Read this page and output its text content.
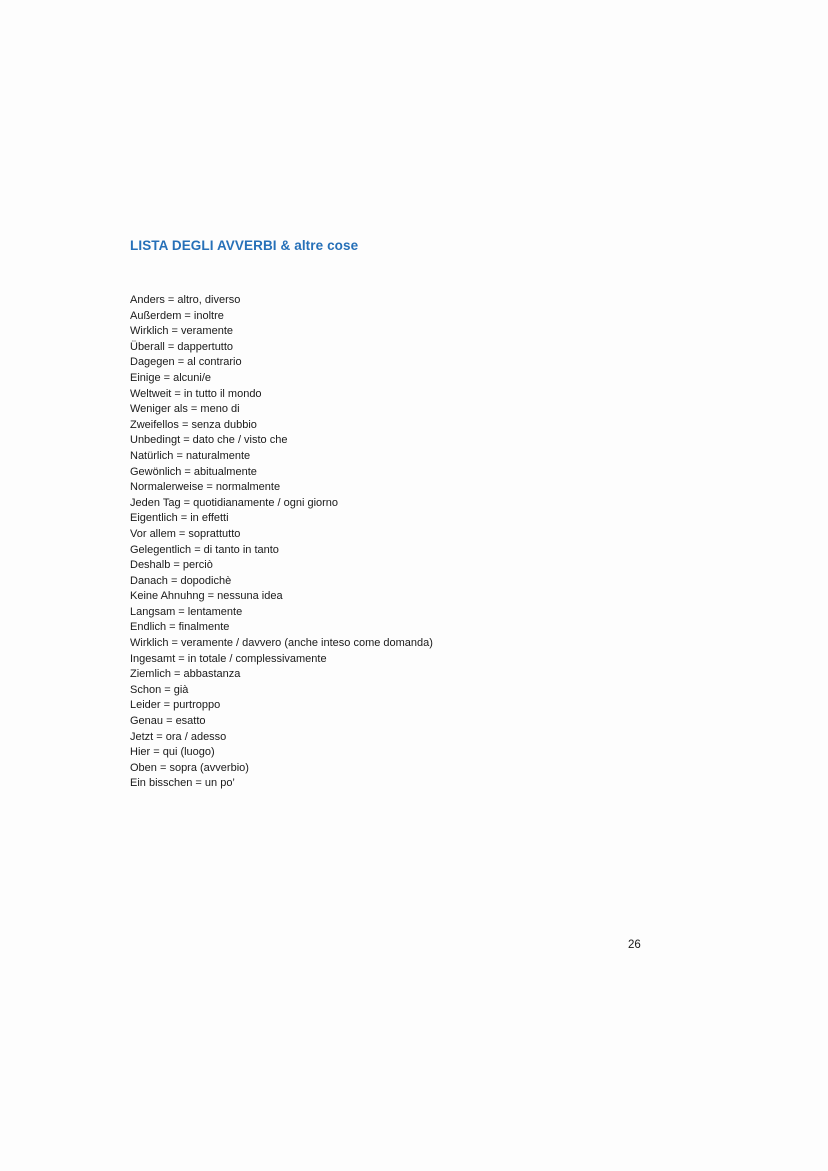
LISTA DEGLI AVVERBI & altre cose
Anders = altro, diverso
Außerdem = inoltre
Wirklich = veramente
Überall = dappertutto
Dagegen = al contrario
Einige = alcuni/e
Weltweit = in tutto il mondo
Weniger als = meno di
Zweifellos = senza dubbio
Unbedingt = dato che / visto che
Natürlich = naturalmente
Gewönlich = abitualmente
Normalerweise = normalmente
Jeden Tag = quotidianamente / ogni giorno
Eigentlich = in effetti
Vor allem = soprattutto
Gelegentlich = di tanto in tanto
Deshalb = perciò
Danach = dopodichè
Keine Ahnuhng = nessuna idea
Langsam = lentamente
Endlich = finalmente
Wirklich = veramente / davvero (anche inteso come domanda)
Ingesamt = in totale / complessivamente
Ziemlich = abbastanza
Schon = già
Leider = purtroppo
Genau = esatto
Jetzt = ora / adesso
Hier = qui (luogo)
Oben = sopra (avverbio)
Ein bisschen = un po’
26
